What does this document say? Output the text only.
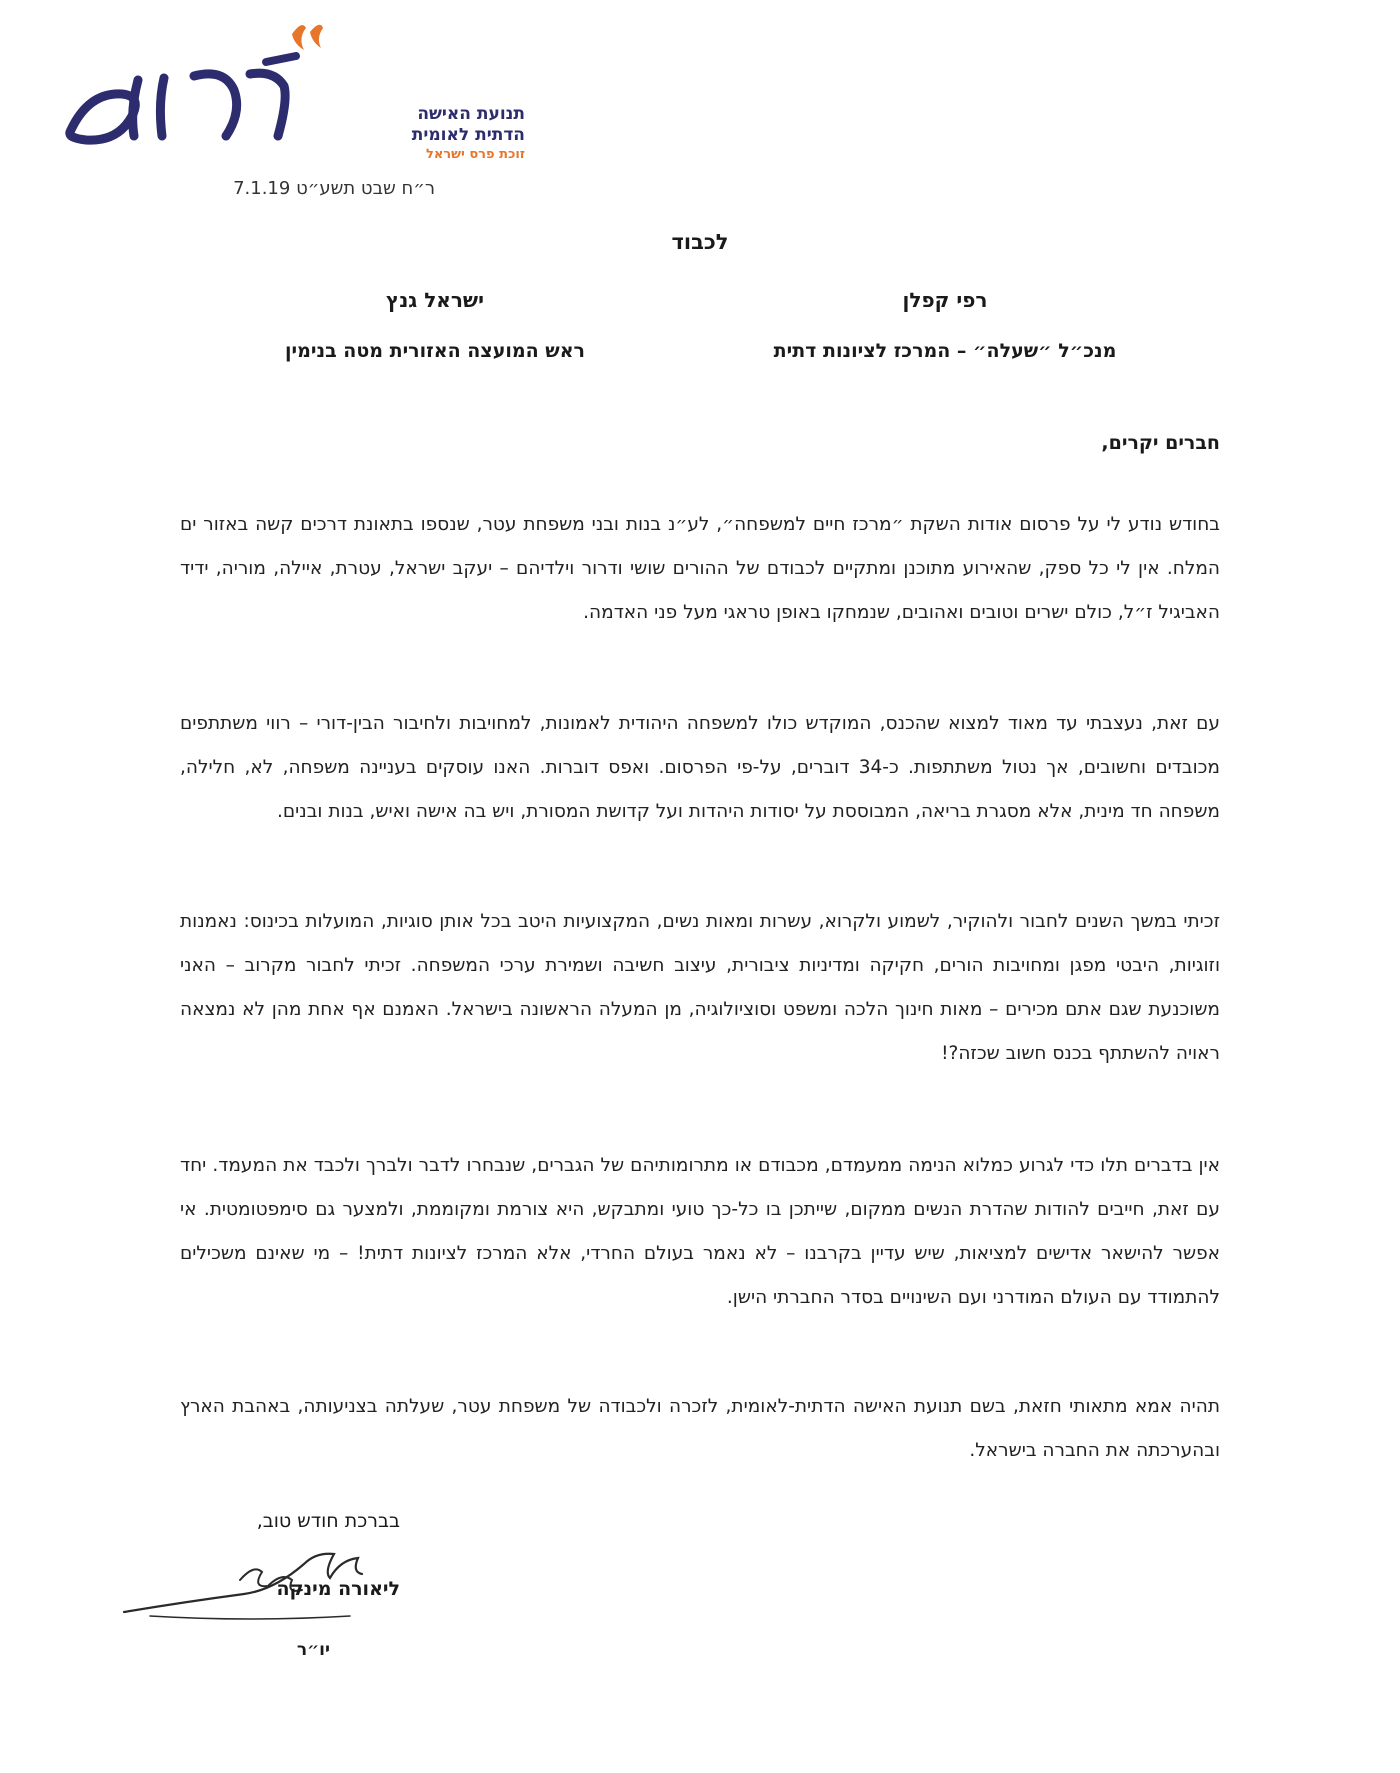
תנועת האישה
הדתית לאומית
זוכת פרס ישראל
ר״ח שבט תשע״ט 7.1.19
לכבוד
רפי קפלן
מנכ״ל ״שעלה״ – המרכז לציונות דתית
ישראל גנץ
ראש המועצה האזורית מטה בנימין
חברים יקרים,

בחודש נודע לי על פרסום אודות השקת ״מרכז חיים למשפחה״, לע״נ בנות ובני משפחת עטר, שנספו בתאונת דרכים קשה באזור ים המלח. אין לי כל ספק, שהאירוע מתוכנן ומתקיים לכבודם של ההורים שושי ודרור וילדיהם – יעקב ישראל, עטרת, איילה, מוריה, ידיד האביגיל ז״ל, כולם ישרים וטובים ואהובים, שנמחקו באופן טראגי מעל פני האדמה.

עם זאת, נעצבתי עד מאוד למצוא שהכנס, המוקדש כולו למשפחה היהודית לאמונות, למחויבות ולחיבור הבין-דורי – רווי משתתפים מכובדים וחשובים, אך נטול משתתפות. כ-34 דוברים, על-פי הפרסום. ואפס דוברות. האנו עוסקים בעניינה משפחה, לא, חלילה, משפחה חד מינית, אלא מסגרת בריאה, המבוססת על יסודות היהדות ועל קדושת המסורת, ויש בה אישה ואיש, בנות ובנים.

זכיתי במשך השנים לחבור ולהוקיר, לשמוע ולקרוא, עשרות ומאות נשים, המקצועיות היטב בכל אותן סוגיות, המועלות בכינוס: נאמנות וזוגיות, היבטי מפגן ומחויבות הורים, חקיקה ומדיניות ציבורית, עיצוב חשיבה ושמירת ערכי המשפחה. זכיתי לחבור מקרוב – האני משוכנעת שגם אתם מכירים – מאות חינוך הלכה ומשפט וסוציולוגיה, מן המעלה הראשונה בישראל. האמנם אף אחת מהן לא נמצאה ראויה להשתתף בכנס חשוב שכזה?!

אין בדברים תלו כדי לגרוע כמלוא הנימה ממעמדם, מכבודם או מתרומותיהם של הגברים, שנבחרו לדבר ולברך ולכבד את המעמד. יחד עם זאת, חייבים להודות שהדרת הנשים ממקום, שייתכן בו כל-כך טועי ומתבקש, היא צורמת ומקוממת, ולמצער גם סימפטומטית. אי אפשר להישאר אדישים למציאות, שיש עדיין בקרבנו – לא נאמר בעולם החרדי, אלא המרכז לציונות דתית! – מי שאינם משכילים להתמודד עם העולם המודרני ועם השינויים בסדר החברתי הישן.

תהיה אמא מתאותי חזאת, בשם תנועת האישה הדתית-לאומית, לזכרה ולכבודה של משפחת עטר, שעלתה בצניעותה, באהבת הארץ ובהערכתה את החברה בישראל.

בברכת חודש טוב,
ליאורה מינקה
יו״ר
